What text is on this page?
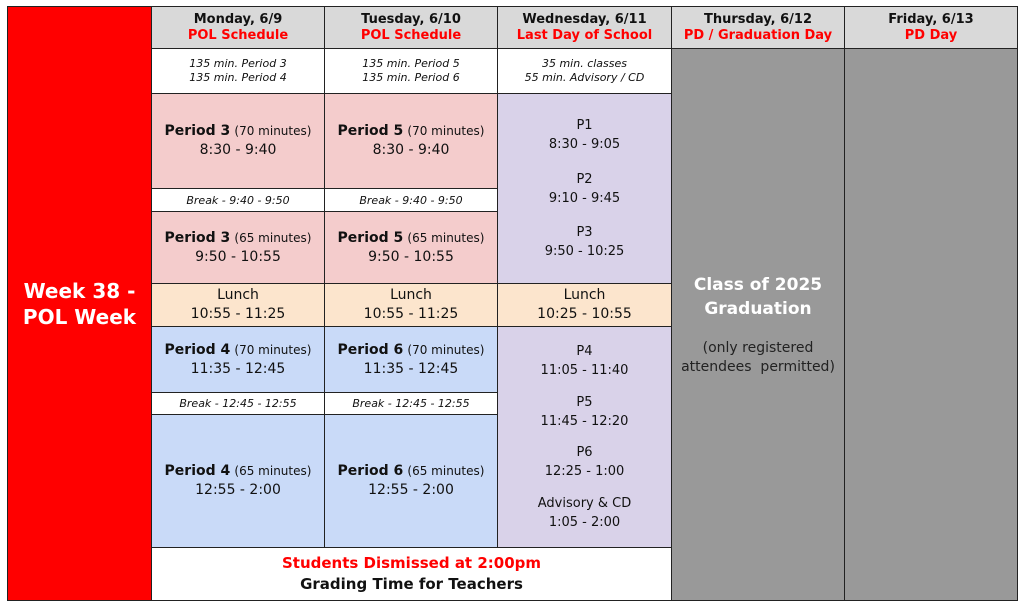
Week 38 -
POL Week
Monday, 6/9
POL Schedule
Tuesday, 6/10
POL Schedule
Wednesday, 6/11
Last Day of School
Thursday, 6/12
PD / Graduation Day
Friday, 6/13
PD Day
135 min. Period 3
135 min. Period 4
135 min. Period 5
135 min. Period 6
35 min. classes
55 min. Advisory / CD
Period 3 (70 minutes)
8:30 - 9:40
Break - 9:40 - 9:50
Period 3 (65 minutes)
9:50 - 10:55
Lunch
10:55 - 11:25
Period 4 (70 minutes)
11:35 - 12:45
Break - 12:45 - 12:55
Period 4 (65 minutes)
12:55 - 2:00
Period 5 (70 minutes)
8:30 - 9:40
Break - 9:40 - 9:50
Period 5 (65 minutes)
9:50 - 10:55
Lunch
10:55 - 11:25
Period 6 (70 minutes)
11:35 - 12:45
Break - 12:45 - 12:55
Period 6 (65 minutes)
12:55 - 2:00
P1
8:30 - 9:05
P2
9:10 - 9:45
P3
9:50 - 10:25
Lunch
10:25 - 10:55
P4
11:05 - 11:40
P5
11:45 - 12:20
P6
12:25 - 1:00
Advisory & CD
1:05 - 2:00
Class of 2025
Graduation
(only registered
attendees  permitted)
Students Dismissed at 2:00pm
Grading Time for Teachers
